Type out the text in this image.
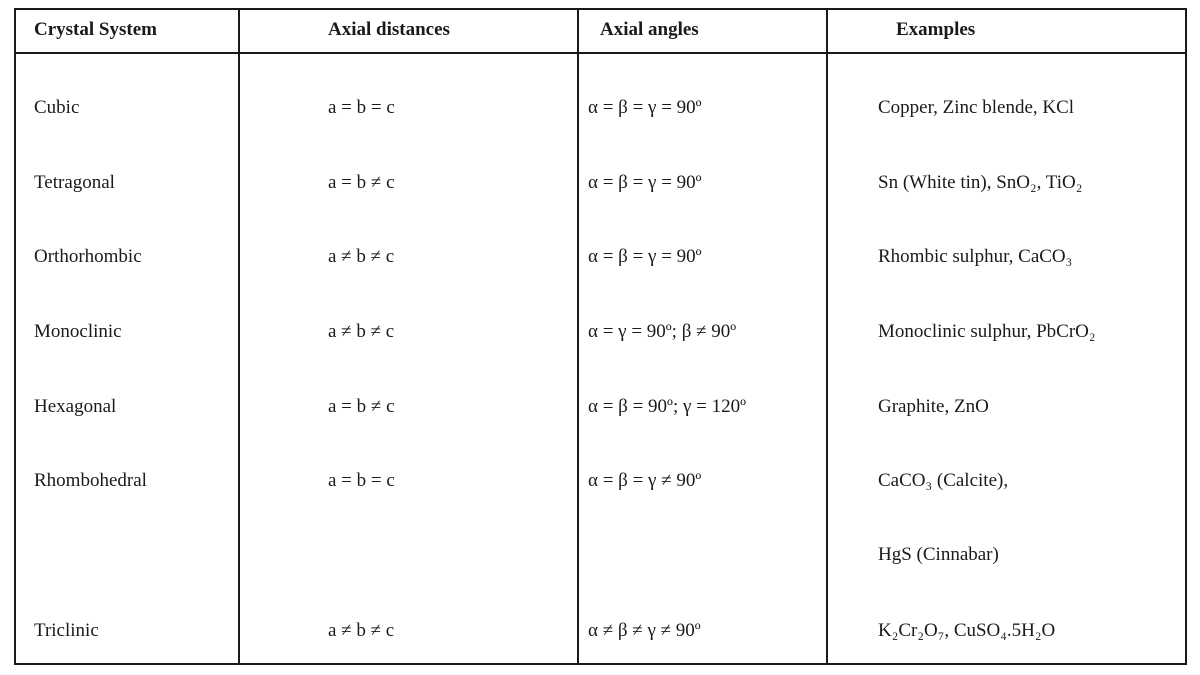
Crystal System	Axial distances	Axial angles	Examples
Cubic	a = b = c	α = β = γ = 90º	Copper, Zinc blende, KCl
Tetragonal	a = b ≠ c	α = β = γ = 90º	Sn (White tin), SnO₂, TiO₂
Orthorhombic	a ≠ b ≠ c	α = β = γ = 90º	Rhombic sulphur, CaCO₃
Monoclinic	a ≠ b ≠ c	α = γ = 90º; β ≠ 90º	Monoclinic sulphur, PbCrO₂
Hexagonal	a = b ≠ c	α = β = 90º; γ = 120º	Graphite, ZnO
Rhombohedral	a = b = c	α = β = γ ≠ 90º	CaCO₃ (Calcite),
HgS (Cinnabar)
Triclinic	a ≠ b ≠ c	α ≠ β ≠ γ ≠ 90º	K₂Cr₂O₇, CuSO₄.5H₂O
